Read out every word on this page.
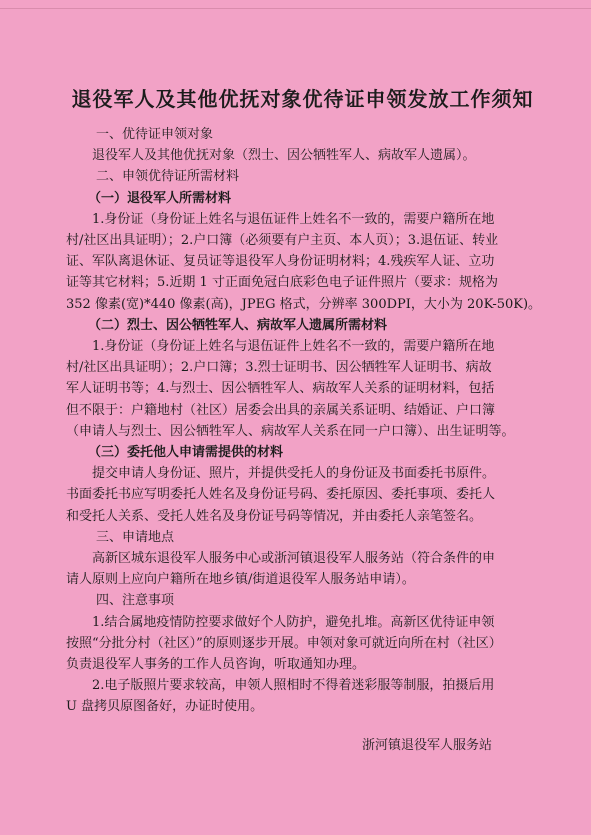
退役军人及其他优抚对象优待证申领发放工作须知
一、优待证申领对象
退役军人及其他优抚对象（烈士、因公牺牲军人、病故军人遗属）。
二、申领优待证所需材料
（一）退役军人所需材料
1.身份证（身份证上姓名与退伍证件上姓名不一致的，需要户籍所在地
村/社区出具证明）；2.户口簿（必须要有户主页、本人页）；3.退伍证、转业
证、军队离退休证、复员证等退役军人身份证明材料；4.残疾军人证、立功
证等其它材料；5.近期 1 寸正面免冠白底彩色电子证件照片（要求：规格为
352 像素(宽)*440 像素(高)，JPEG 格式，分辨率 300DPI，大小为 20K-50K)。
（二）烈士、因公牺牲军人、病故军人遗属所需材料
1.身份证（身份证上姓名与退伍证件上姓名不一致的，需要户籍所在地
村/社区出具证明）；2.户口簿；3.烈士证明书、因公牺牲军人证明书、病故
军人证明书等；4.与烈士、因公牺牲军人、病故军人关系的证明材料，包括
但不限于：户籍地村（社区）居委会出具的亲属关系证明、结婚证、户口簿
（申请人与烈士、因公牺牲军人、病故军人关系在同一户口簿）、出生证明等。
（三）委托他人申请需提供的材料
提交申请人身份证、照片，并提供受托人的身份证及书面委托书原件。
书面委托书应写明委托人姓名及身份证号码、委托原因、委托事项、委托人
和受托人关系、受托人姓名及身份证号码等情况，并由委托人亲笔签名。
三、申请地点
高新区城东退役军人服务中心或浙河镇退役军人服务站（符合条件的申
请人原则上应向户籍所在地乡镇/街道退役军人服务站申请）。
四、注意事项
1.结合属地疫情防控要求做好个人防护，避免扎堆。高新区优待证申领
按照“分批分村（社区）”的原则逐步开展。申领对象可就近向所在村（社区）
负责退役军人事务的工作人员咨询，听取通知办理。
2.电子版照片要求较高，申领人照相时不得着迷彩服等制服，拍摄后用
U 盘拷贝原图备好，办证时使用。
浙河镇退役军人服务站
